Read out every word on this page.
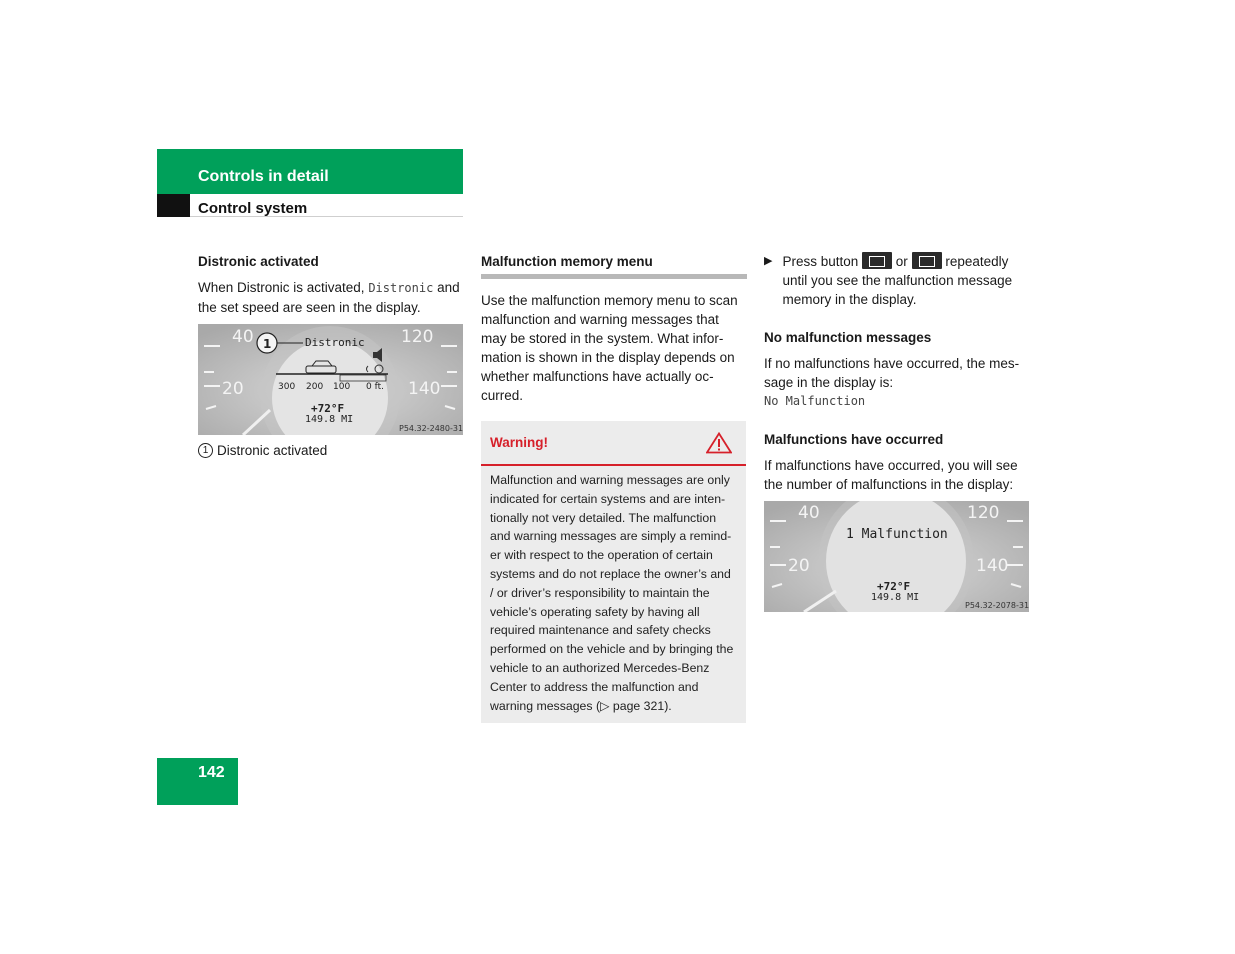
Controls in detail
Control system
Distronic activated

When Distronic is activated, Distronic and the set speed are seen in the display.

40
20
120
140
1	Distronic
300 200 100 0 ft.
+72°F
149.8 MI
P54.32-2480-31
1 Distronic activated
Malfunction memory menu

Use the malfunction memory menu to scan malfunction and warning messages that may be stored in the system. What infor-mation is shown in the display depends on whether malfunctions have actually oc-curred.

Warning!
Malfunction and warning messages are only indicated for certain systems and are inten-tionally not very detailed. The malfunction and warning messages are simply a remind-er with respect to the operation of certain systems and do not replace the owner’s and / or driver’s responsibility to maintain the vehicle’s operating safety by having all required maintenance and safety checks performed on the vehicle and by bringing the vehicle to an authorized Mercedes-Benz Center to address the malfunction and warning messages (▷ page 321).
▶ Press button	or	repeatedly until you see the malfunction message memory in the display.

No malfunction messages

If no malfunctions have occurred, the mes-sage in the display is:

No Malfunction

Malfunctions have occurred

If malfunctions have occurred, you will see the number of malfunctions in the display:

40
20
120
140
1 Malfunction
+72°F
149.8 MI
P54.32-2078-31
142
